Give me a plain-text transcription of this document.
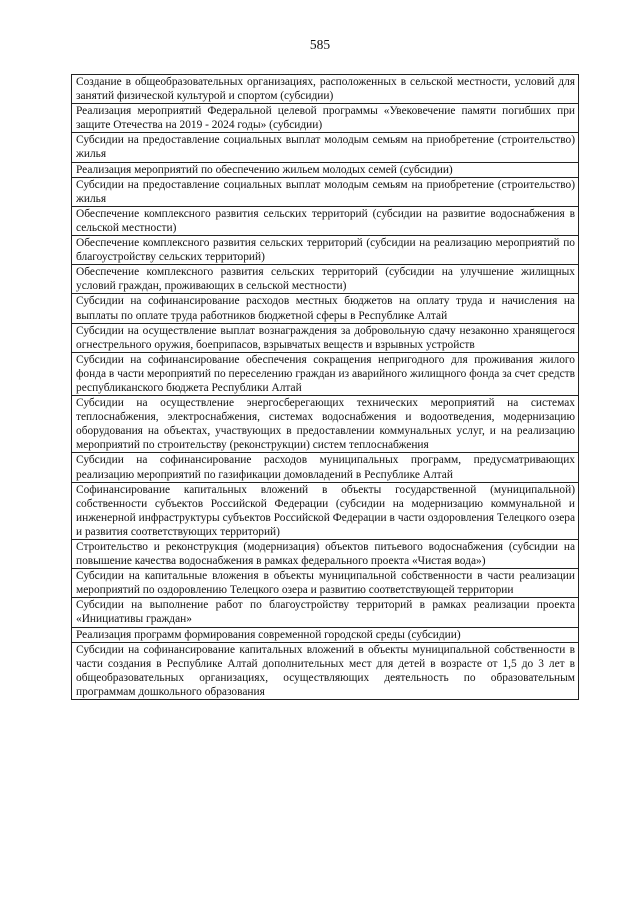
585
Создание в общеобразовательных организациях, расположенных в сельской местности, условий для занятий физической культурой и спортом (субсидии)
Реализация мероприятий Федеральной целевой программы «Увековечение памяти погибших при защите Отечества на 2019 - 2024 годы» (субсидии)
Субсидии на предоставление социальных выплат молодым семьям на приобретение (строительство) жилья
Реализация мероприятий по обеспечению жильем молодых семей (субсидии)
Субсидии на предоставление социальных выплат молодым семьям на приобретение (строительство) жилья
Обеспечение комплексного развития сельских территорий (субсидии на развитие водоснабжения в сельской местности)
Обеспечение комплексного развития сельских территорий (субсидии на реализацию мероприятий по благоустройству сельских территорий)
Обеспечение комплексного развития сельских территорий (субсидии на улучшение жилищных условий граждан, проживающих в сельской местности)
Субсидии на софинансирование расходов местных бюджетов на оплату труда и начисления на выплаты по оплате труда работников бюджетной сферы в Республике Алтай
Субсидии на осуществление выплат вознаграждения за добровольную сдачу незаконно хранящегося огнестрельного оружия, боеприпасов, взрывчатых веществ и взрывных устройств
Субсидии на софинансирование обеспечения сокращения непригодного для проживания жилого фонда в части мероприятий по переселению граждан из аварийного жилищного фонда за счет средств республиканского бюджета Республики Алтай
Субсидии на осуществление энергосберегающих технических мероприятий на системах теплоснабжения, электроснабжения, системах водоснабжения и водоотведения, модернизацию оборудования на объектах, участвующих в предоставлении коммунальных услуг, и на реализацию мероприятий по строительству (реконструкции) систем теплоснабжения
Субсидии на софинансирование расходов муниципальных программ, предусматривающих реализацию мероприятий по газификации домовладений в Республике Алтай
Софинансирование капитальных вложений в объекты государственной (муниципальной) собственности субъектов Российской Федерации (субсидии на модернизацию коммунальной и инженерной инфраструктуры субъектов Российской Федерации в части оздоровления Телецкого озера и развития соответствующих территорий)
Строительство и реконструкция (модернизация) объектов питьевого водоснабжения (субсидии на повышение качества водоснабжения в рамках федерального проекта «Чистая вода»)
Субсидии на капитальные вложения в объекты муниципальной собственности в части реализации мероприятий по оздоровлению Телецкого озера и развитию соответствующей территории
Субсидии на выполнение работ по благоустройству территорий в рамках реализации проекта «Инициативы граждан»
Реализация программ формирования современной городской среды (субсидии)
Субсидии на софинансирование капитальных вложений в объекты муниципальной собственности в части создания в Республике Алтай дополнительных мест для детей в возрасте от 1,5 до 3 лет в общеобразовательных организациях, осуществляющих деятельность по образовательным программам дошкольного образования
